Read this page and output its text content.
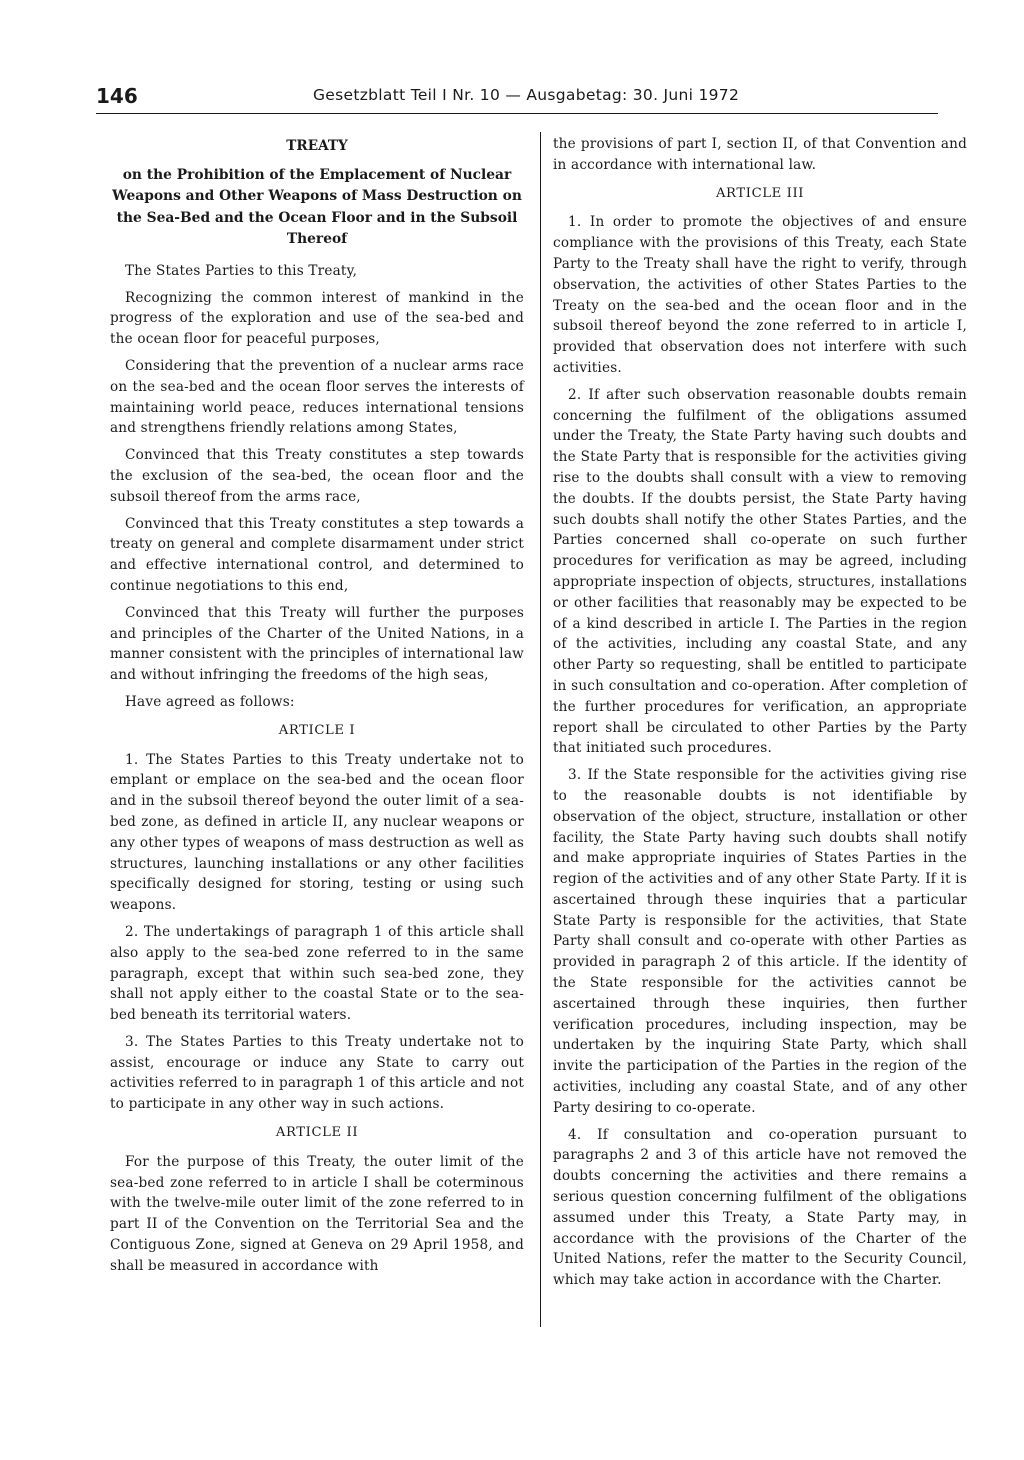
146	Gesetzblatt Teil I Nr. 10 — Ausgabetag: 30. Juni 1972
TREATY
on the Prohibition of the Emplacement of Nuclear Weapons and Other Weapons of Mass Destruction on the Sea-Bed and the Ocean Floor and in the Subsoil Thereof

The States Parties to this Treaty,

Recognizing the common interest of mankind in the progress of the exploration and use of the sea-bed and the ocean floor for peaceful purposes,

Considering that the prevention of a nuclear arms race on the sea-bed and the ocean floor serves the interests of maintaining world peace, reduces international tensions and strengthens friendly relations among States,

Convinced that this Treaty constitutes a step towards the exclusion of the sea-bed, the ocean floor and the subsoil thereof from the arms race,

Convinced that this Treaty constitutes a step towards a treaty on general and complete disarmament under strict and effective international control, and determined to continue negotiations to this end,

Convinced that this Treaty will further the purposes and principles of the Charter of the United Nations, in a manner consistent with the principles of international law and without infringing the freedoms of the high seas,

Have agreed as follows:

ARTICLE I

1. The States Parties to this Treaty undertake not to emplant or emplace on the sea-bed and the ocean floor and in the subsoil thereof beyond the outer limit of a sea-bed zone, as defined in article II, any nuclear weapons or any other types of weapons of mass destruction as well as structures, launching installations or any other facilities specifically designed for storing, testing or using such weapons.

2. The undertakings of paragraph 1 of this article shall also apply to the sea-bed zone referred to in the same paragraph, except that within such sea-bed zone, they shall not apply either to the coastal State or to the sea-bed beneath its territorial waters.

3. The States Parties to this Treaty undertake not to assist, encourage or induce any State to carry out activities referred to in paragraph 1 of this article and not to participate in any other way in such actions.

ARTICLE II

For the purpose of this Treaty, the outer limit of the sea-bed zone referred to in article I shall be coterminous with the twelve-mile outer limit of the zone referred to in part II of the Convention on the Territorial Sea and the Contiguous Zone, signed at Geneva on 29 April 1958, and shall be measured in accordance with

the provisions of part I, section II, of that Convention and in accordance with international law.

ARTICLE III

1. In order to promote the objectives of and ensure compliance with the provisions of this Treaty, each State Party to the Treaty shall have the right to verify, through observation, the activities of other States Parties to the Treaty on the sea-bed and the ocean floor and in the subsoil thereof beyond the zone referred to in article I, provided that observation does not interfere with such activities.

2. If after such observation reasonable doubts remain concerning the fulfilment of the obligations assumed under the Treaty, the State Party having such doubts and the State Party that is responsible for the activities giving rise to the doubts shall consult with a view to removing the doubts. If the doubts persist, the State Party having such doubts shall notify the other States Parties, and the Parties concerned shall co-operate on such further procedures for verification as may be agreed, including appropriate inspection of objects, structures, installations or other facilities that reasonably may be expected to be of a kind described in article I. The Parties in the region of the activities, including any coastal State, and any other Party so requesting, shall be entitled to participate in such consultation and co-operation. After completion of the further procedures for verification, an appropriate report shall be circulated to other Parties by the Party that initiated such procedures.

3. If the State responsible for the activities giving rise to the reasonable doubts is not identifiable by observation of the object, structure, installation or other facility, the State Party having such doubts shall notify and make appropriate inquiries of States Parties in the region of the activities and of any other State Party. If it is ascertained through these inquiries that a particular State Party is responsible for the activities, that State Party shall consult and co-operate with other Parties as provided in paragraph 2 of this article. If the identity of the State responsible for the activities cannot be ascertained through these inquiries, then further verification procedures, including inspection, may be undertaken by the inquiring State Party, which shall invite the participation of the Parties in the region of the activities, including any coastal State, and of any other Party desiring to co-operate.

4. If consultation and co-operation pursuant to paragraphs 2 and 3 of this article have not removed the doubts concerning the activities and there remains a serious question concerning fulfilment of the obligations assumed under this Treaty, a State Party may, in accordance with the provisions of the Charter of the United Nations, refer the matter to the Security Council, which may take action in accordance with the Charter.
